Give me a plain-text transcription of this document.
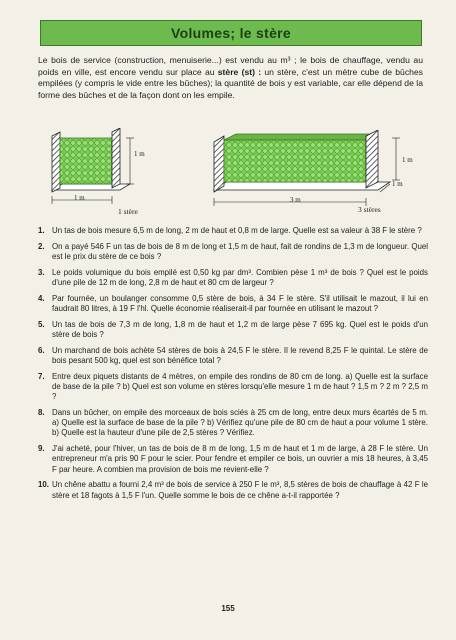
Volumes; le stère
Le bois de service (construction, menuiserie...) est vendu au m³ ; le bois de chauffage, vendu au poids en ville, est encore vendu sur place au stère (st) : un stère, c'est un mètre cube de bûches empilées (y compris le vide entre les bûches); la quantité de bois y est variable, car elle dépend de la forme des bûches et de la façon dont on les empile.
1 m
1 m
1 stère
1 m
1 m
3 m
3 stères
1. Un tas de bois mesure 6,5 m de long, 2 m de haut et 0,8 m de large. Quelle est sa valeur à 38 F le stère ?
2. On a payé 546 F un tas de bois de 8 m de long et 1,5 m de haut, fait de rondins de 1,3 m de longueur. Quel est le prix du stère de ce bois ?
3. Le poids volumique du bois empilé est 0,50 kg par dm³. Combien pèse 1 m³ de bois ? Quel est le poids d'une pile de 12 m de long, 2,8 m de haut et 80 cm de largeur ?
4. Par fournée, un boulanger consomme 0,5 stère de bois, à 34 F le stère. S'il utilisait le mazout, il lui en faudrait 80 litres, à 19 F l'hl. Quelle économie réaliserait-il par fournée en utilisant le mazout ?
5. Un tas de bois de 7,3 m de long, 1,8 m de haut et 1,2 m de large pèse 7 695 kg. Quel est le poids d'un stère de bois ?
6. Un marchand de bois achète 54 stères de bois à 24,5 F le stère. Il le revend 8,25 F le quintal. Le stère de bois pesant 500 kg, quel est son bénéfice total ?
7. Entre deux piquets distants de 4 mètres, on empile des rondins de 80 cm de long. a) Quelle est la surface de base de la pile ? b) Quel est son volume en stères lorsqu'elle mesure 1 m de haut ? 1,5 m ? 2 m ? 2,5 m ?
8. Dans un bûcher, on empile des morceaux de bois sciés à 25 cm de long, entre deux murs écartés de 5 m. a) Quelle est la surface de base de la pile ? b) Vérifiez qu'une pile de 80 cm de haut a pour volume 1 stère. b) Quelle est la hauteur d'une pile de 2,5 stères ? Vérifiez.
9. J'ai acheté, pour l'hiver, un tas de bois de 8 m de long, 1,5 m de haut et 1 m de large, à 28 F le stère. Un entrepreneur m'a pris 90 F pour le scier. Pour fendre et empiler ce bois, un ouvrier a mis 18 heures, à 3,45 F par heure. A combien ma provision de bois me revient-elle ?
10. Un chêne abattu a fourni 2,4 m³ de bois de service à 250 F le m³, 8,5 stères de bois de chauffage à 42 F le stère et 18 fagots à 1,5 F l'un. Quelle somme le bois de ce chêne a-t-il rapportée ?
155
